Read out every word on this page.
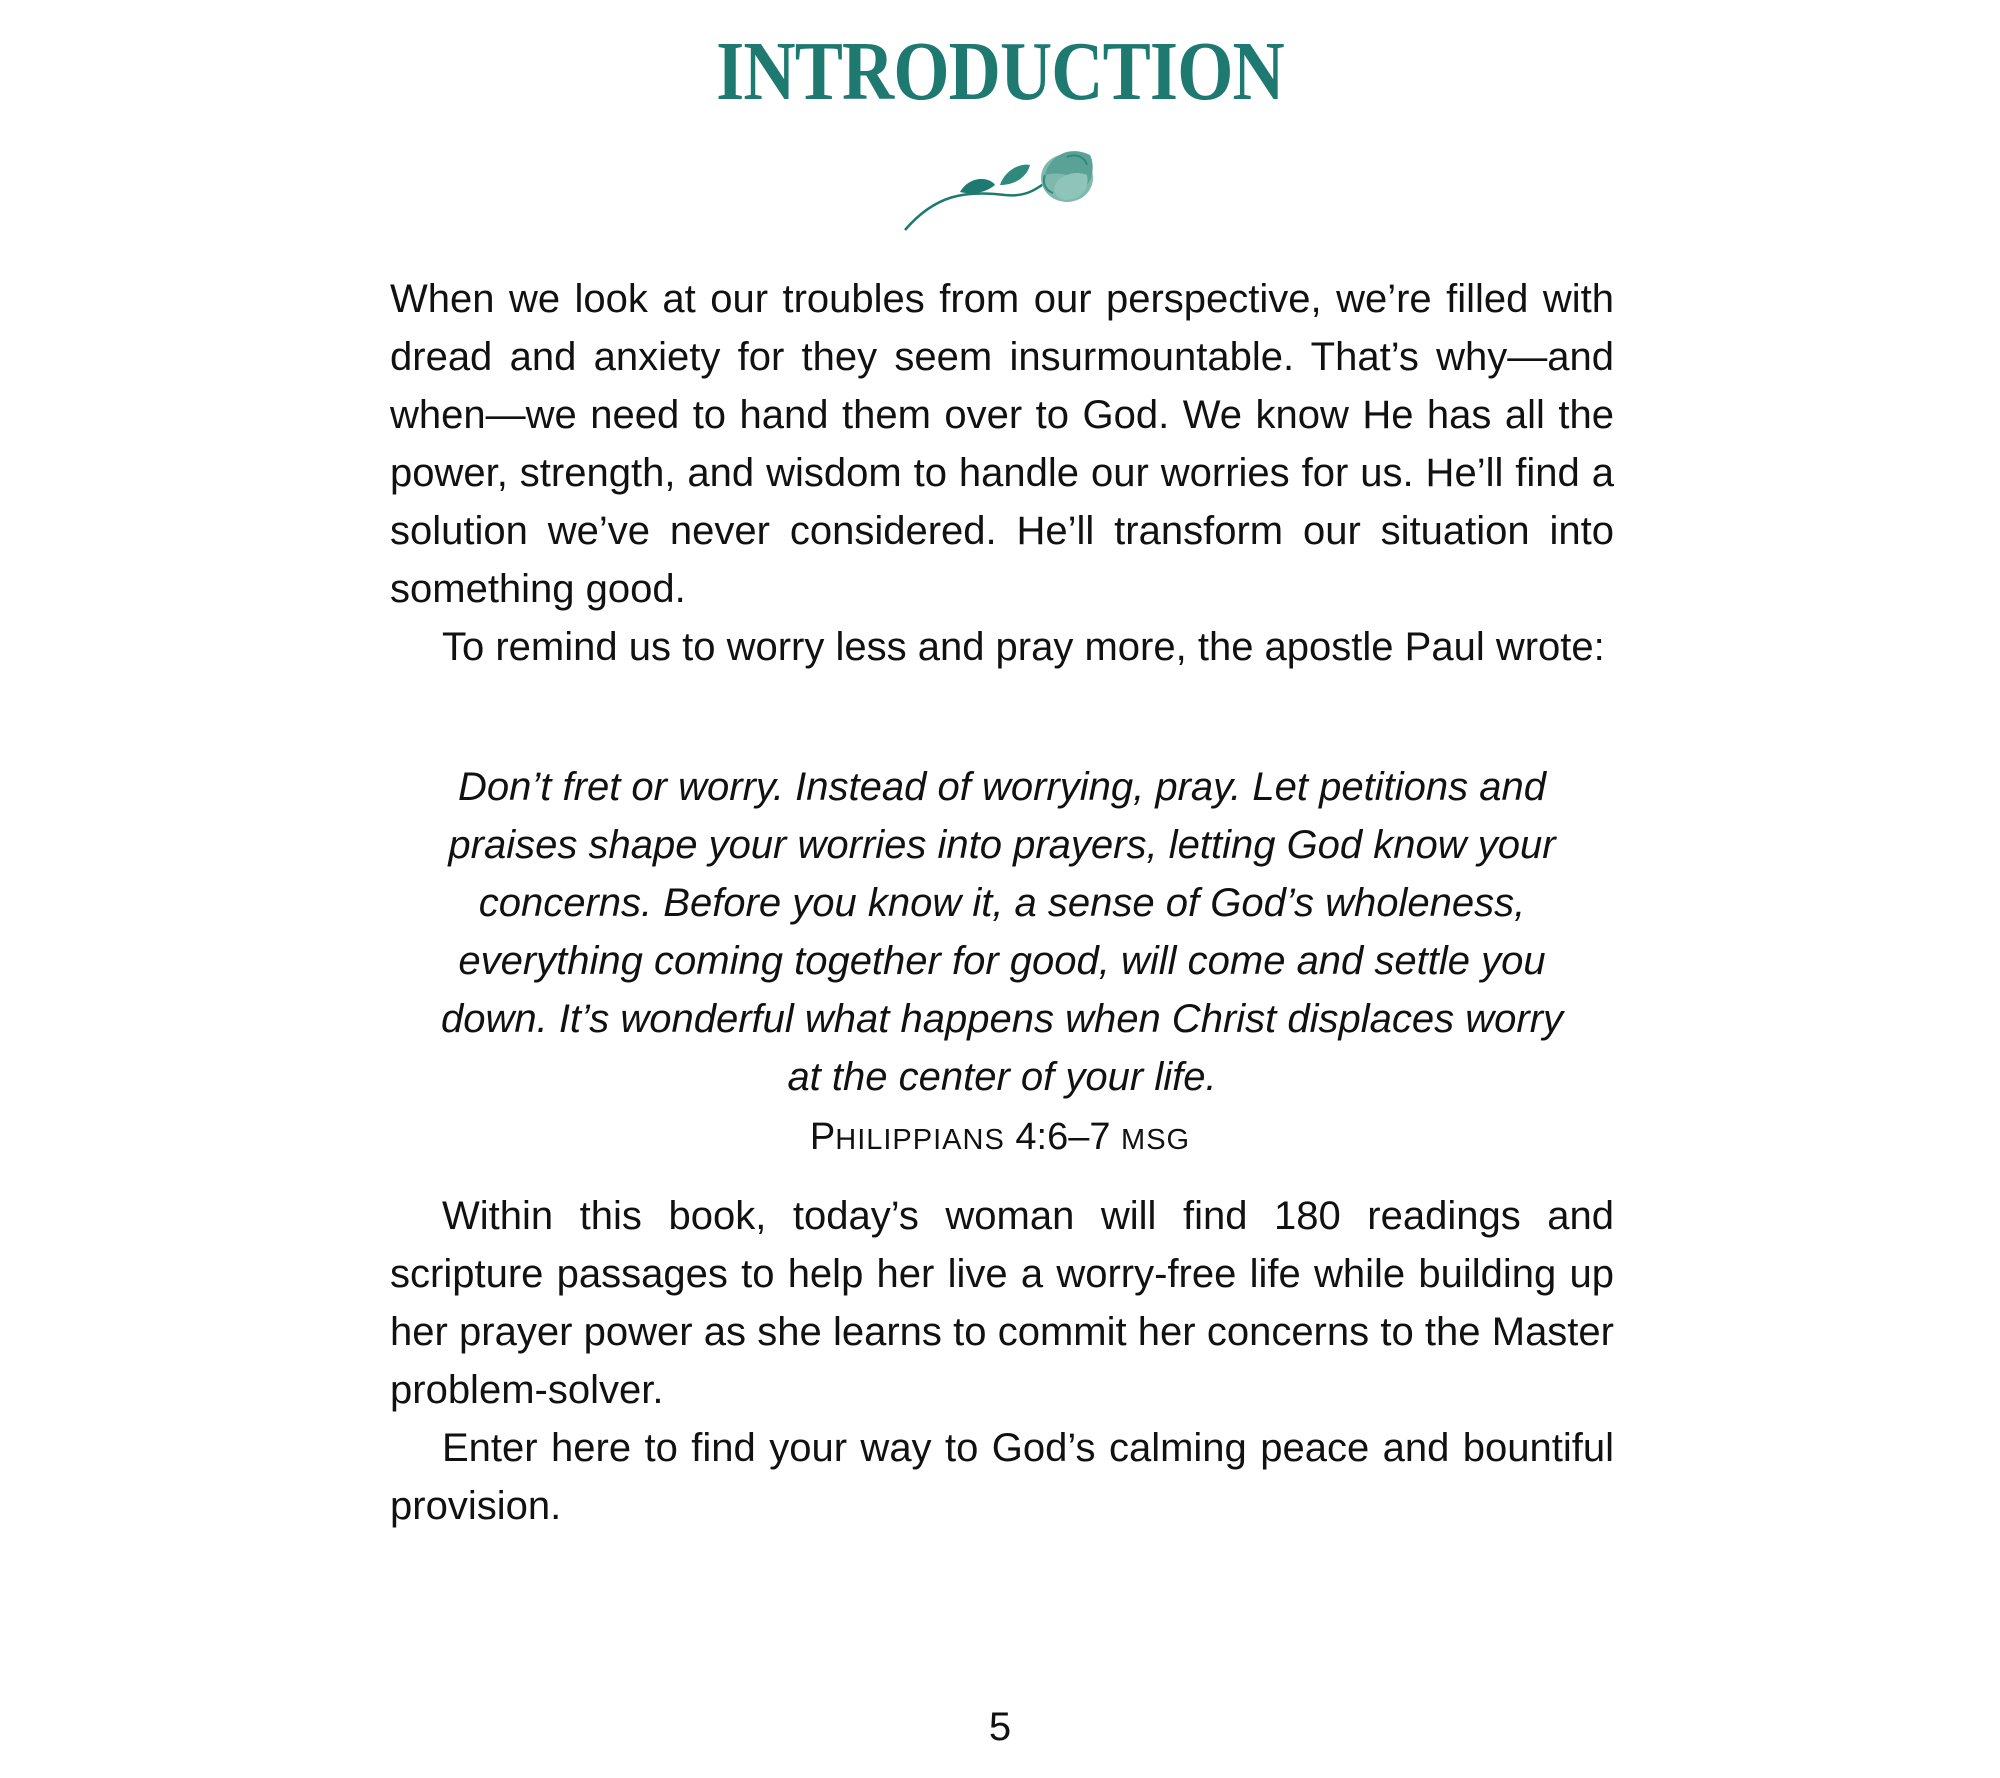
INTRODUCTION

When we look at our troubles from our perspective, we’re filled with dread and anxiety for they seem insurmountable. That’s why—and when—we need to hand them over to God. We know He has all the power, strength, and wisdom to handle our worries for us. He’ll find a solution we’ve never considered. He’ll transform our situation into something good.

To remind us to worry less and pray more, the apostle Paul wrote:

Don’t fret or worry. Instead of worrying, pray. Let petitions and praises shape your worries into prayers, letting God know your concerns. Before you know it, a sense of God’s wholeness, everything coming together for good, will come and settle you down. It’s wonderful what happens when Christ displaces worry at the center of your life.

PHILIPPIANS 4:6–7 MSG

Within this book, today’s woman will find 180 readings and scripture passages to help her live a worry-free life while building up her prayer power as she learns to commit her concerns to the Master problem-solver.

Enter here to find your way to God’s calming peace and bountiful provision.

5
